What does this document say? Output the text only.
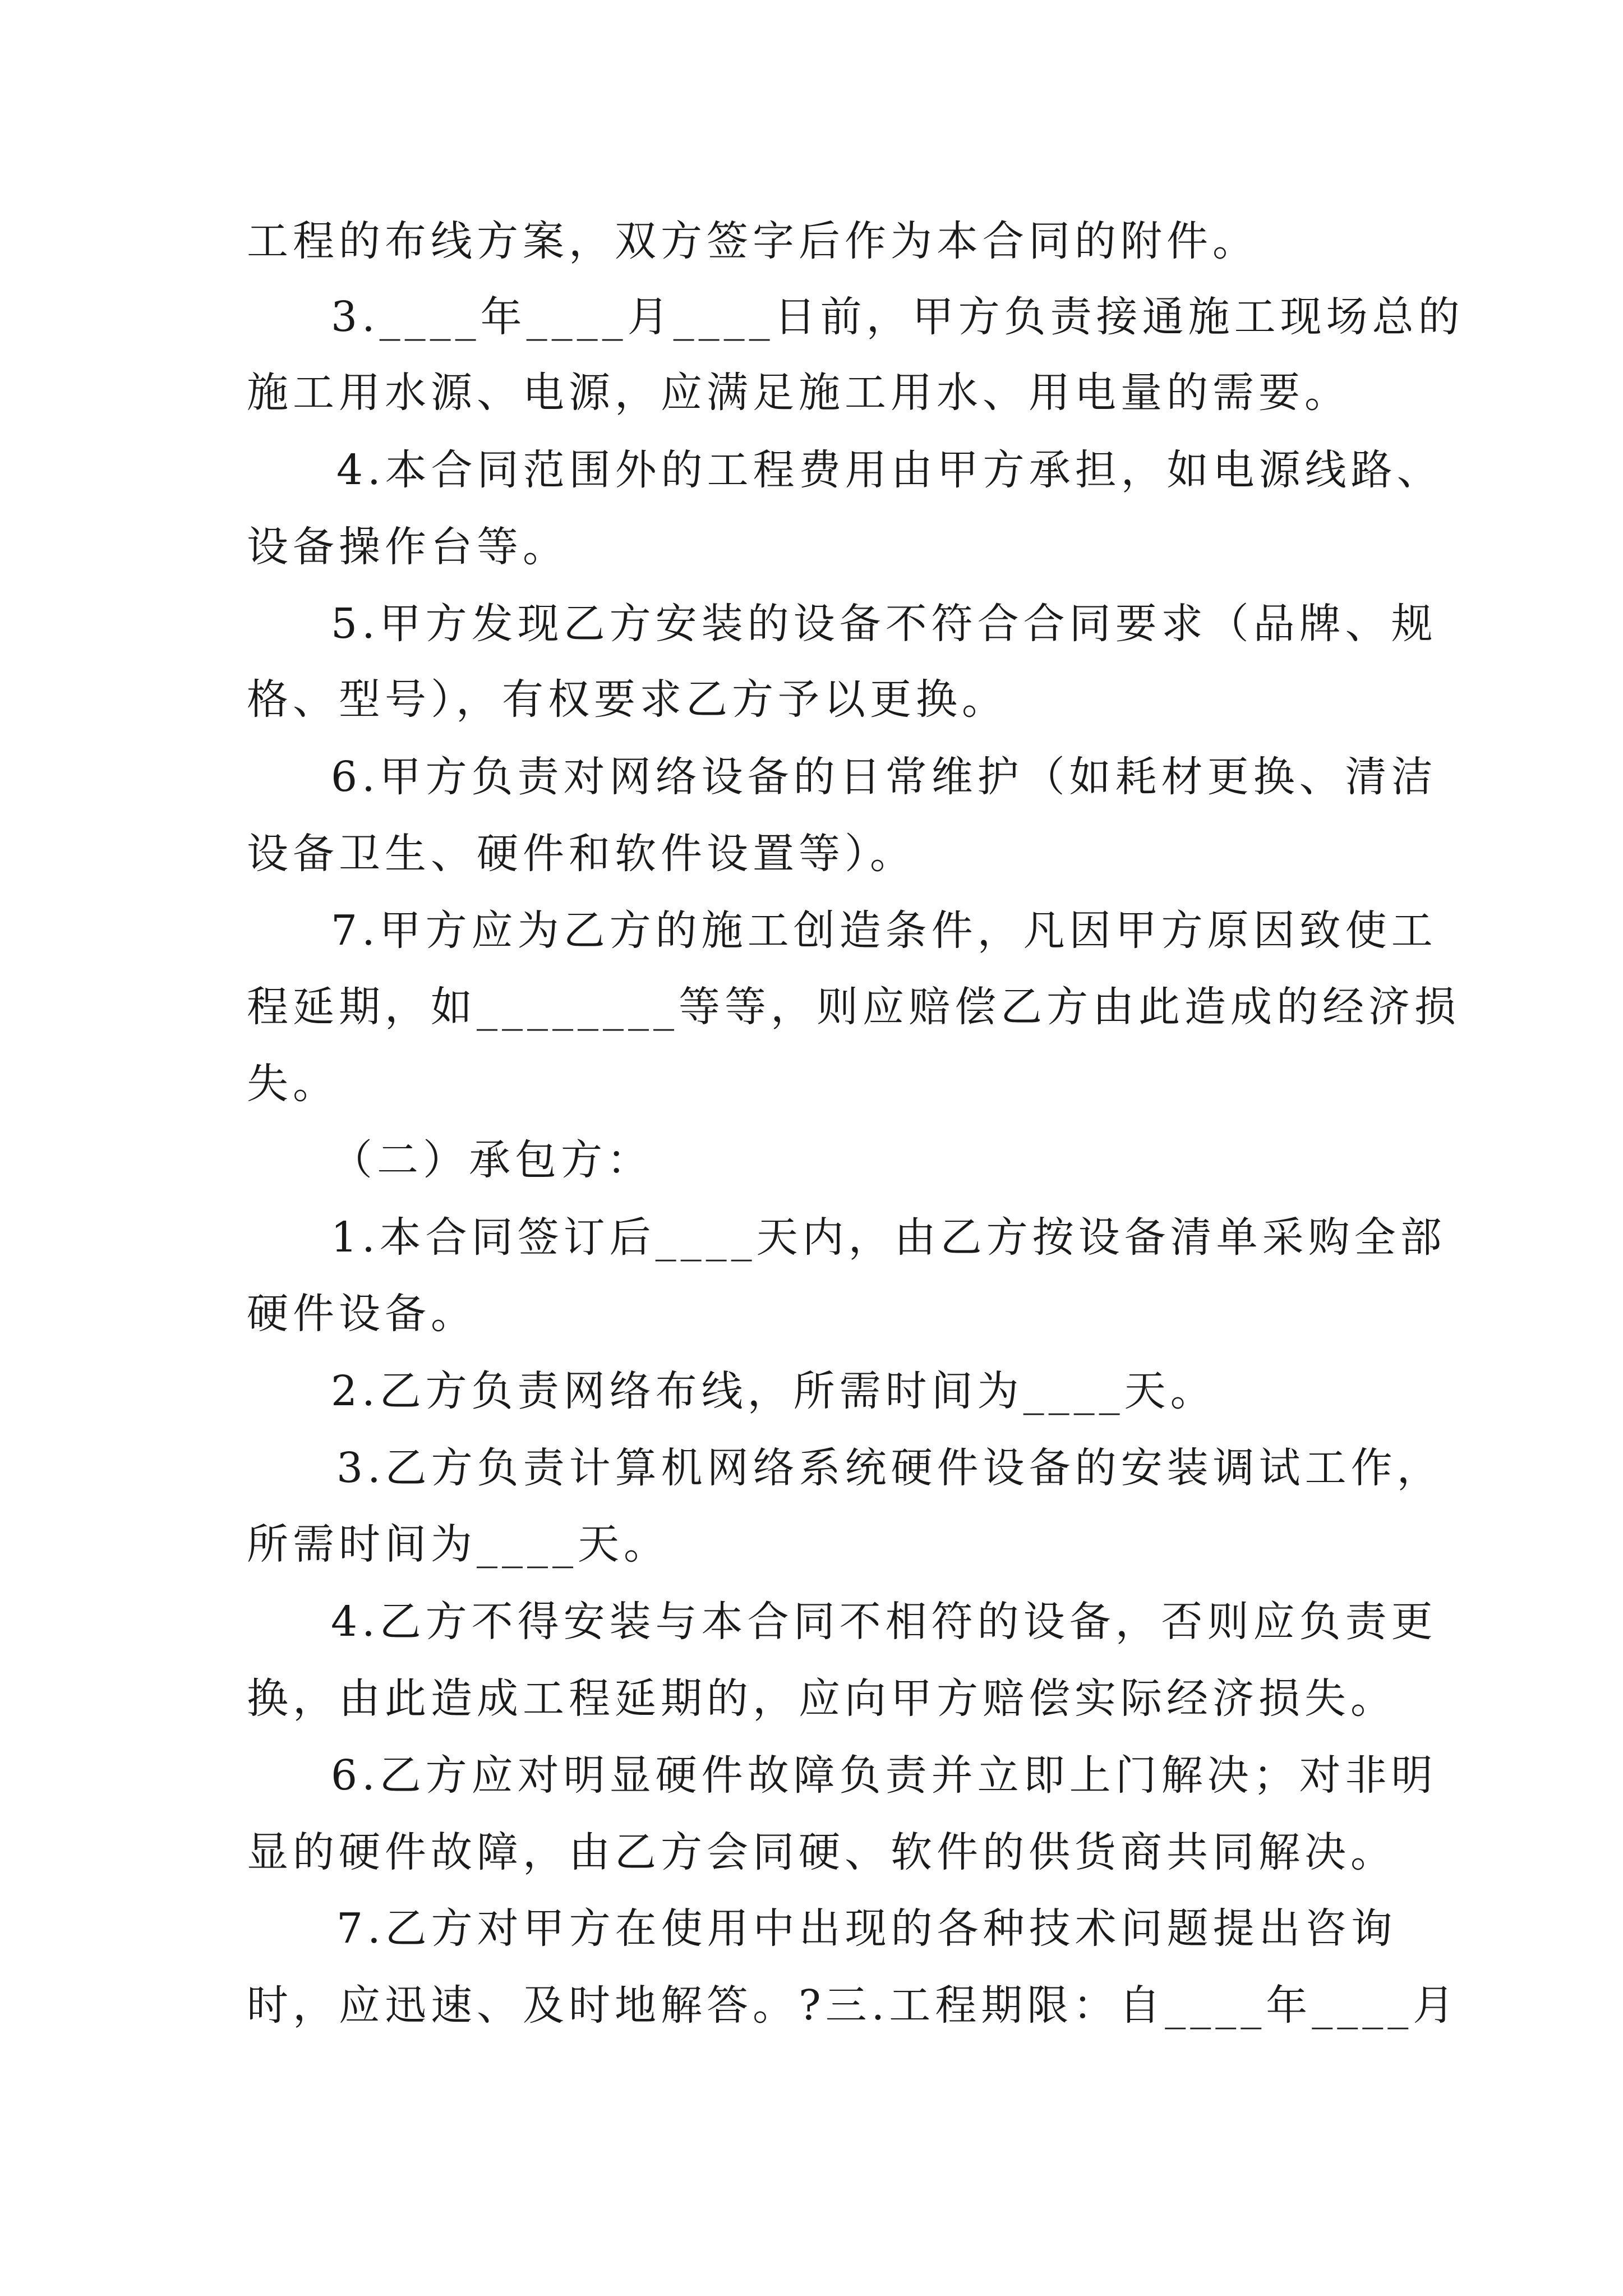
工程的布线方案，双方签字后作为本合同的附件。
3.____年____月____日前，甲方负责接通施工现场总的
施工用水源、电源，应满足施工用水、用电量的需要。
4.本合同范围外的工程费用由甲方承担，如电源线路、
设备操作台等。
5.甲方发现乙方安装的设备不符合合同要求（品牌、规
格、型号），有权要求乙方予以更换。
6.甲方负责对网络设备的日常维护（如耗材更换、清洁
设备卫生、硬件和软件设置等）。
7.甲方应为乙方的施工创造条件，凡因甲方原因致使工
程延期，如________等等，则应赔偿乙方由此造成的经济损
失。
（二）承包方：
1.本合同签订后____天内，由乙方按设备清单采购全部
硬件设备。
2.乙方负责网络布线，所需时间为____天。
3.乙方负责计算机网络系统硬件设备的安装调试工作，
所需时间为____天。
4.乙方不得安装与本合同不相符的设备，否则应负责更
换，由此造成工程延期的，应向甲方赔偿实际经济损失。
6.乙方应对明显硬件故障负责并立即上门解决；对非明
显的硬件故障，由乙方会同硬、软件的供货商共同解决。
7.乙方对甲方在使用中出现的各种技术问题提出咨询
时，应迅速、及时地解答。?三.工程期限：自____年____月
